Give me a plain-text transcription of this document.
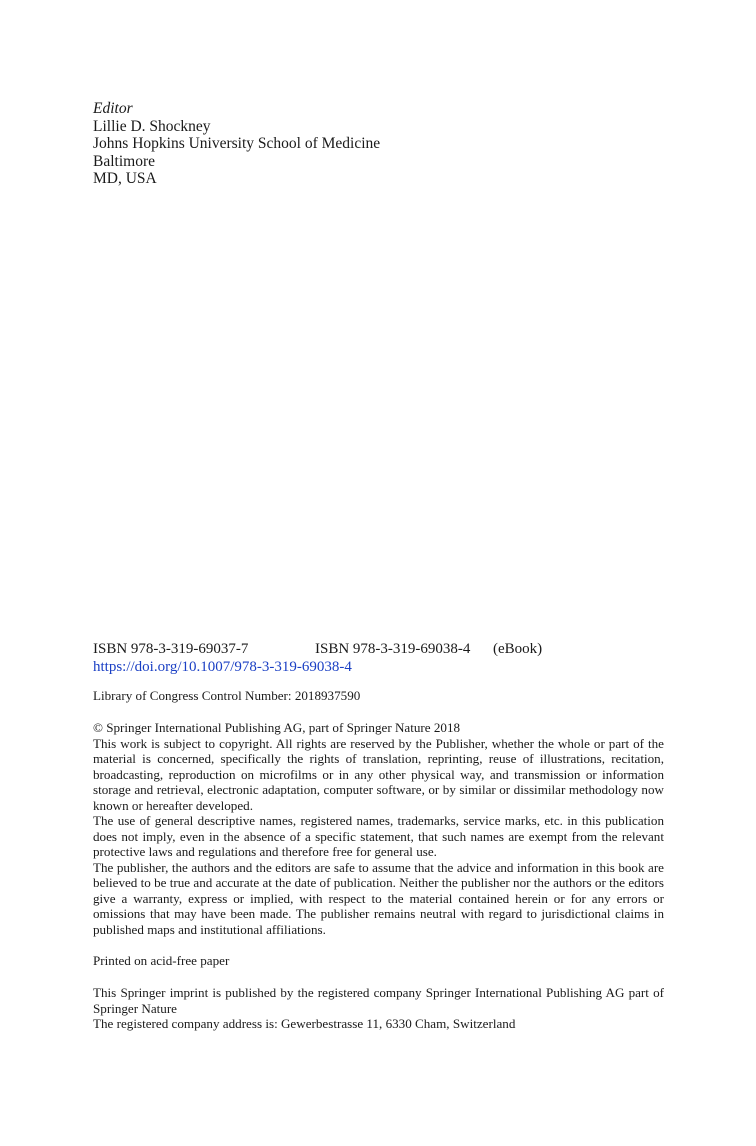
Editor
Lillie D. Shockney
Johns Hopkins University School of Medicine
Baltimore
MD, USA
ISBN 978-3-319-69037-7	ISBN 978-3-319-69038-4 (eBook)
https://doi.org/10.1007/978-3-319-69038-4
Library of Congress Control Number: 2018937590

© Springer International Publishing AG, part of Springer Nature 2018

This work is subject to copyright. All rights are reserved by the Publisher, whether the whole or part of the material is concerned, specifically the rights of translation, reprinting, reuse of illustrations, recitation, broadcasting, reproduction on microfilms or in any other physical way, and transmission or information storage and retrieval, electronic adaptation, computer software, or by similar or dissimilar methodology now known or hereafter developed.

The use of general descriptive names, registered names, trademarks, service marks, etc. in this publication does not imply, even in the absence of a specific statement, that such names are exempt from the relevant protective laws and regulations and therefore free for general use.

The publisher, the authors and the editors are safe to assume that the advice and information in this book are believed to be true and accurate at the date of publication. Neither the publisher nor the authors or the editors give a warranty, express or implied, with respect to the material contained herein or for any errors or omissions that may have been made. The publisher remains neutral with regard to jurisdictional claims in published maps and institutional affiliations.

Printed on acid-free paper

This Springer imprint is published by the registered company Springer International Publishing AG part of Springer Nature

The registered company address is: Gewerbestrasse 11, 6330 Cham, Switzerland
